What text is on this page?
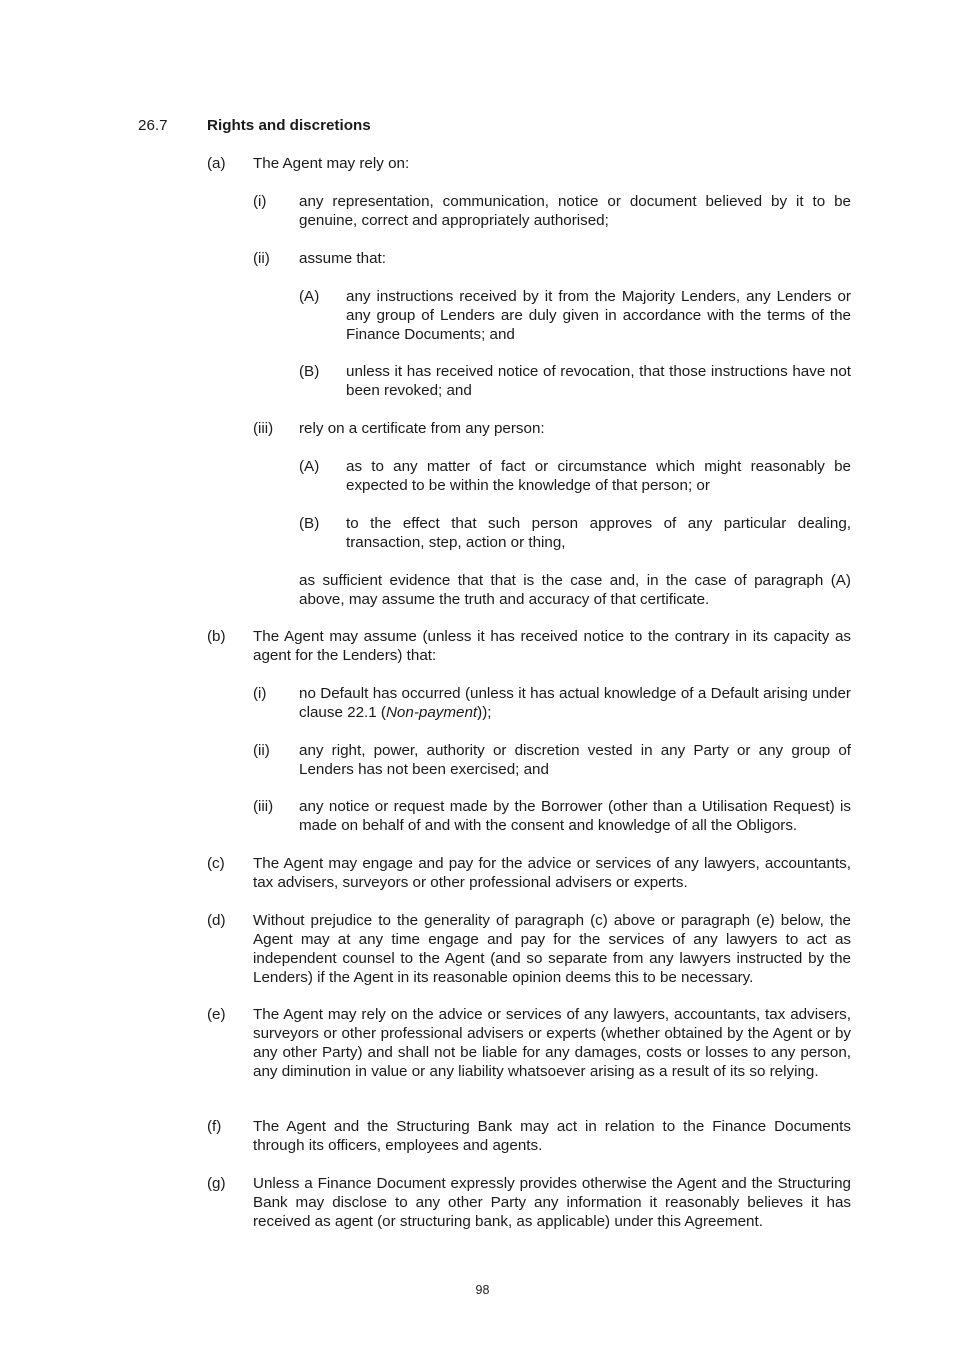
26.7	Rights and discretions
(a) The Agent may rely on:
(i) any representation, communication, notice or document believed by it to be genuine, correct and appropriately authorised;
(ii) assume that:
(A) any instructions received by it from the Majority Lenders, any Lenders or any group of Lenders are duly given in accordance with the terms of the Finance Documents; and
(B) unless it has received notice of revocation, that those instructions have not been revoked; and
(iii) rely on a certificate from any person:
(A) as to any matter of fact or circumstance which might reasonably be expected to be within the knowledge of that person; or
(B) to the effect that such person approves of any particular dealing, transaction, step, action or thing,
as sufficient evidence that that is the case and, in the case of paragraph (A) above, may assume the truth and accuracy of that certificate.
(b) The Agent may assume (unless it has received notice to the contrary in its capacity as agent for the Lenders) that:
(i) no Default has occurred (unless it has actual knowledge of a Default arising under clause 22.1 (Non-payment));
(ii) any right, power, authority or discretion vested in any Party or any group of Lenders has not been exercised; and
(iii) any notice or request made by the Borrower (other than a Utilisation Request) is made on behalf of and with the consent and knowledge of all the Obligors.
(c) The Agent may engage and pay for the advice or services of any lawyers, accountants, tax advisers, surveyors or other professional advisers or experts.
(d) Without prejudice to the generality of paragraph (c) above or paragraph (e) below, the Agent may at any time engage and pay for the services of any lawyers to act as independent counsel to the Agent (and so separate from any lawyers instructed by the Lenders) if the Agent in its reasonable opinion deems this to be necessary.
(e) The Agent may rely on the advice or services of any lawyers, accountants, tax advisers, surveyors or other professional advisers or experts (whether obtained by the Agent or by any other Party) and shall not be liable for any damages, costs or losses to any person, any diminution in value or any liability whatsoever arising as a result of its so relying.
(f) The Agent and the Structuring Bank may act in relation to the Finance Documents through its officers, employees and agents.
(g) Unless a Finance Document expressly provides otherwise the Agent and the Structuring Bank may disclose to any other Party any information it reasonably believes it has received as agent (or structuring bank, as applicable) under this Agreement.
98
